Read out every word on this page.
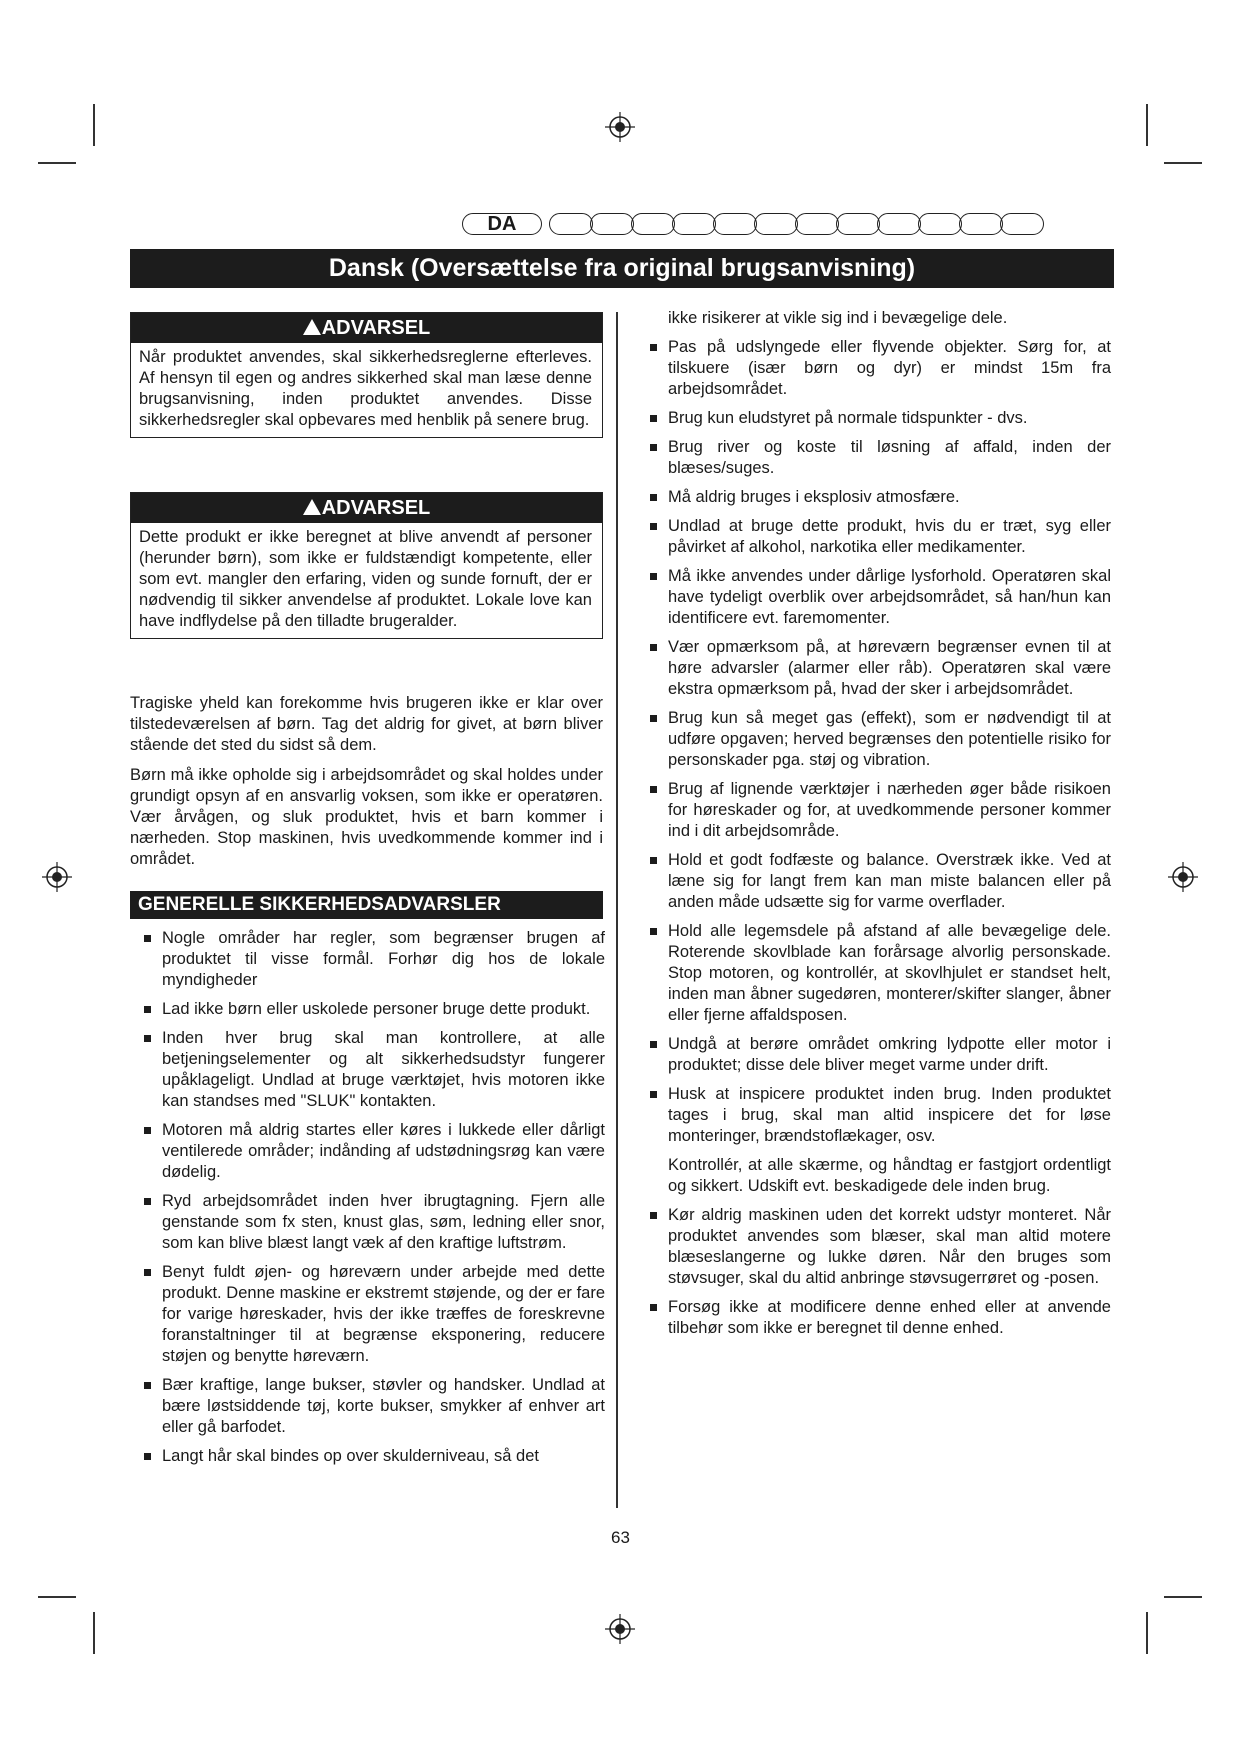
DA
Dansk (Oversættelse fra original brugsanvisning)
ADVARSEL
Når produktet anvendes, skal sikkerhedsreglerne efterleves. Af hensyn til egen og andres sikkerhed skal man læse denne brugsanvisning, inden produktet anvendes. Disse sikkerhedsregler skal opbevares med henblik på senere brug.
ADVARSEL
Dette produkt er ikke beregnet at blive anvendt af personer (herunder børn), som ikke er fuldstændigt kompetente, eller som evt. mangler den erfaring, viden og sunde fornuft, der er nødvendig til sikker anvendelse af produktet. Lokale love kan have indflydelse på den tilladte brugeralder.
Tragiske yheld kan forekomme hvis brugeren ikke er klar over tilstedeværelsen af børn. Tag det aldrig for givet, at børn bliver stående det sted du sidst så dem.
Børn må ikke opholde sig i arbejdsområdet og skal holdes under grundigt opsyn af en ansvarlig voksen, som ikke er operatøren. Vær årvågen, og sluk produktet, hvis et barn kommer i nærheden. Stop maskinen, hvis uvedkommende kommer ind i området.
GENERELLE SIKKERHEDSADVARSLER
Nogle områder har regler, som begrænser brugen af produktet til visse formål. Forhør dig hos de lokale myndigheder
Lad ikke børn eller uskolede personer bruge dette produkt.
Inden hver brug skal man kontrollere, at alle betjeningselementer og alt sikkerhedsudstyr fungerer upåklageligt. Undlad at bruge værktøjet, hvis motoren ikke kan standses med "SLUK" kontakten.
Motoren må aldrig startes eller køres i lukkede eller dårligt ventilerede områder; indånding af udstødningsrøg kan være dødelig.
Ryd arbejdsområdet inden hver ibrugtagning. Fjern alle genstande som fx sten, knust glas, søm, ledning eller snor, som kan blive blæst langt væk af den kraftige luftstrøm.
Benyt fuldt øjen- og høreværn under arbejde med dette produkt. Denne maskine er ekstremt støjende, og der er fare for varige høreskader, hvis der ikke træffes de foreskrevne foranstaltninger til at begrænse eksponering, reducere støjen og benytte høreværn.
Bær kraftige, lange bukser, støvler og handsker. Undlad at bære løstsiddende tøj, korte bukser, smykker af enhver art eller gå barfodet.
Langt hår skal bindes op over skulderniveau, så det
ikke risikerer at vikle sig ind i bevægelige dele.
Pas på udslyngede eller flyvende objekter. Sørg for, at tilskuere (især børn og dyr) er mindst 15m fra arbejdsområdet.
Brug kun eludstyret på normale tidspunkter - dvs.
Brug river og koste til løsning af affald, inden der blæses/suges.
Må aldrig bruges i eksplosiv atmosfære.
Undlad at bruge dette produkt, hvis du er træt, syg eller påvirket af alkohol, narkotika eller medikamenter.
Må ikke anvendes under dårlige lysforhold. Operatøren skal have tydeligt overblik over arbejdsområdet, så han/hun kan identificere evt. faremomenter.
Vær opmærksom på, at høreværn begrænser evnen til at høre advarsler (alarmer eller råb). Operatøren skal være ekstra opmærksom på, hvad der sker i arbejdsområdet.
Brug kun så meget gas (effekt), som er nødvendigt til at udføre opgaven; herved begrænses den potentielle risiko for personskader pga. støj og vibration.
Brug af lignende værktøjer i nærheden øger både risikoen for høreskader og for, at uvedkommende personer kommer ind i dit arbejdsområde.
Hold et godt fodfæste og balance. Overstræk ikke. Ved at læne sig for langt frem kan man miste balancen eller på anden måde udsætte sig for varme overflader.
Hold alle legemsdele på afstand af alle bevægelige dele. Roterende skovlblade kan forårsage alvorlig personskade. Stop motoren, og kontrollér, at skovlhjulet er standset helt, inden man åbner sugedøren, monterer/skifter slanger, åbner eller fjerne affaldsposen.
Undgå at berøre området omkring lydpotte eller motor i produktet; disse dele bliver meget varme under drift.
Husk at inspicere produktet inden brug. Inden produktet tages i brug, skal man altid inspicere det for løse monteringer, brændstoflækager, osv.
Kontrollér, at alle skærme, og håndtag er fastgjort ordentligt og sikkert. Udskift evt. beskadigede dele inden brug.
Kør aldrig maskinen uden det korrekt udstyr monteret. Når produktet anvendes som blæser, skal man altid motere blæseslangerne og lukke døren. Når den bruges som støvsuger, skal du altid anbringe støvsugerrøret og -posen.
Forsøg ikke at modificere denne enhed eller at anvende tilbehør som ikke er beregnet til denne enhed.
63
